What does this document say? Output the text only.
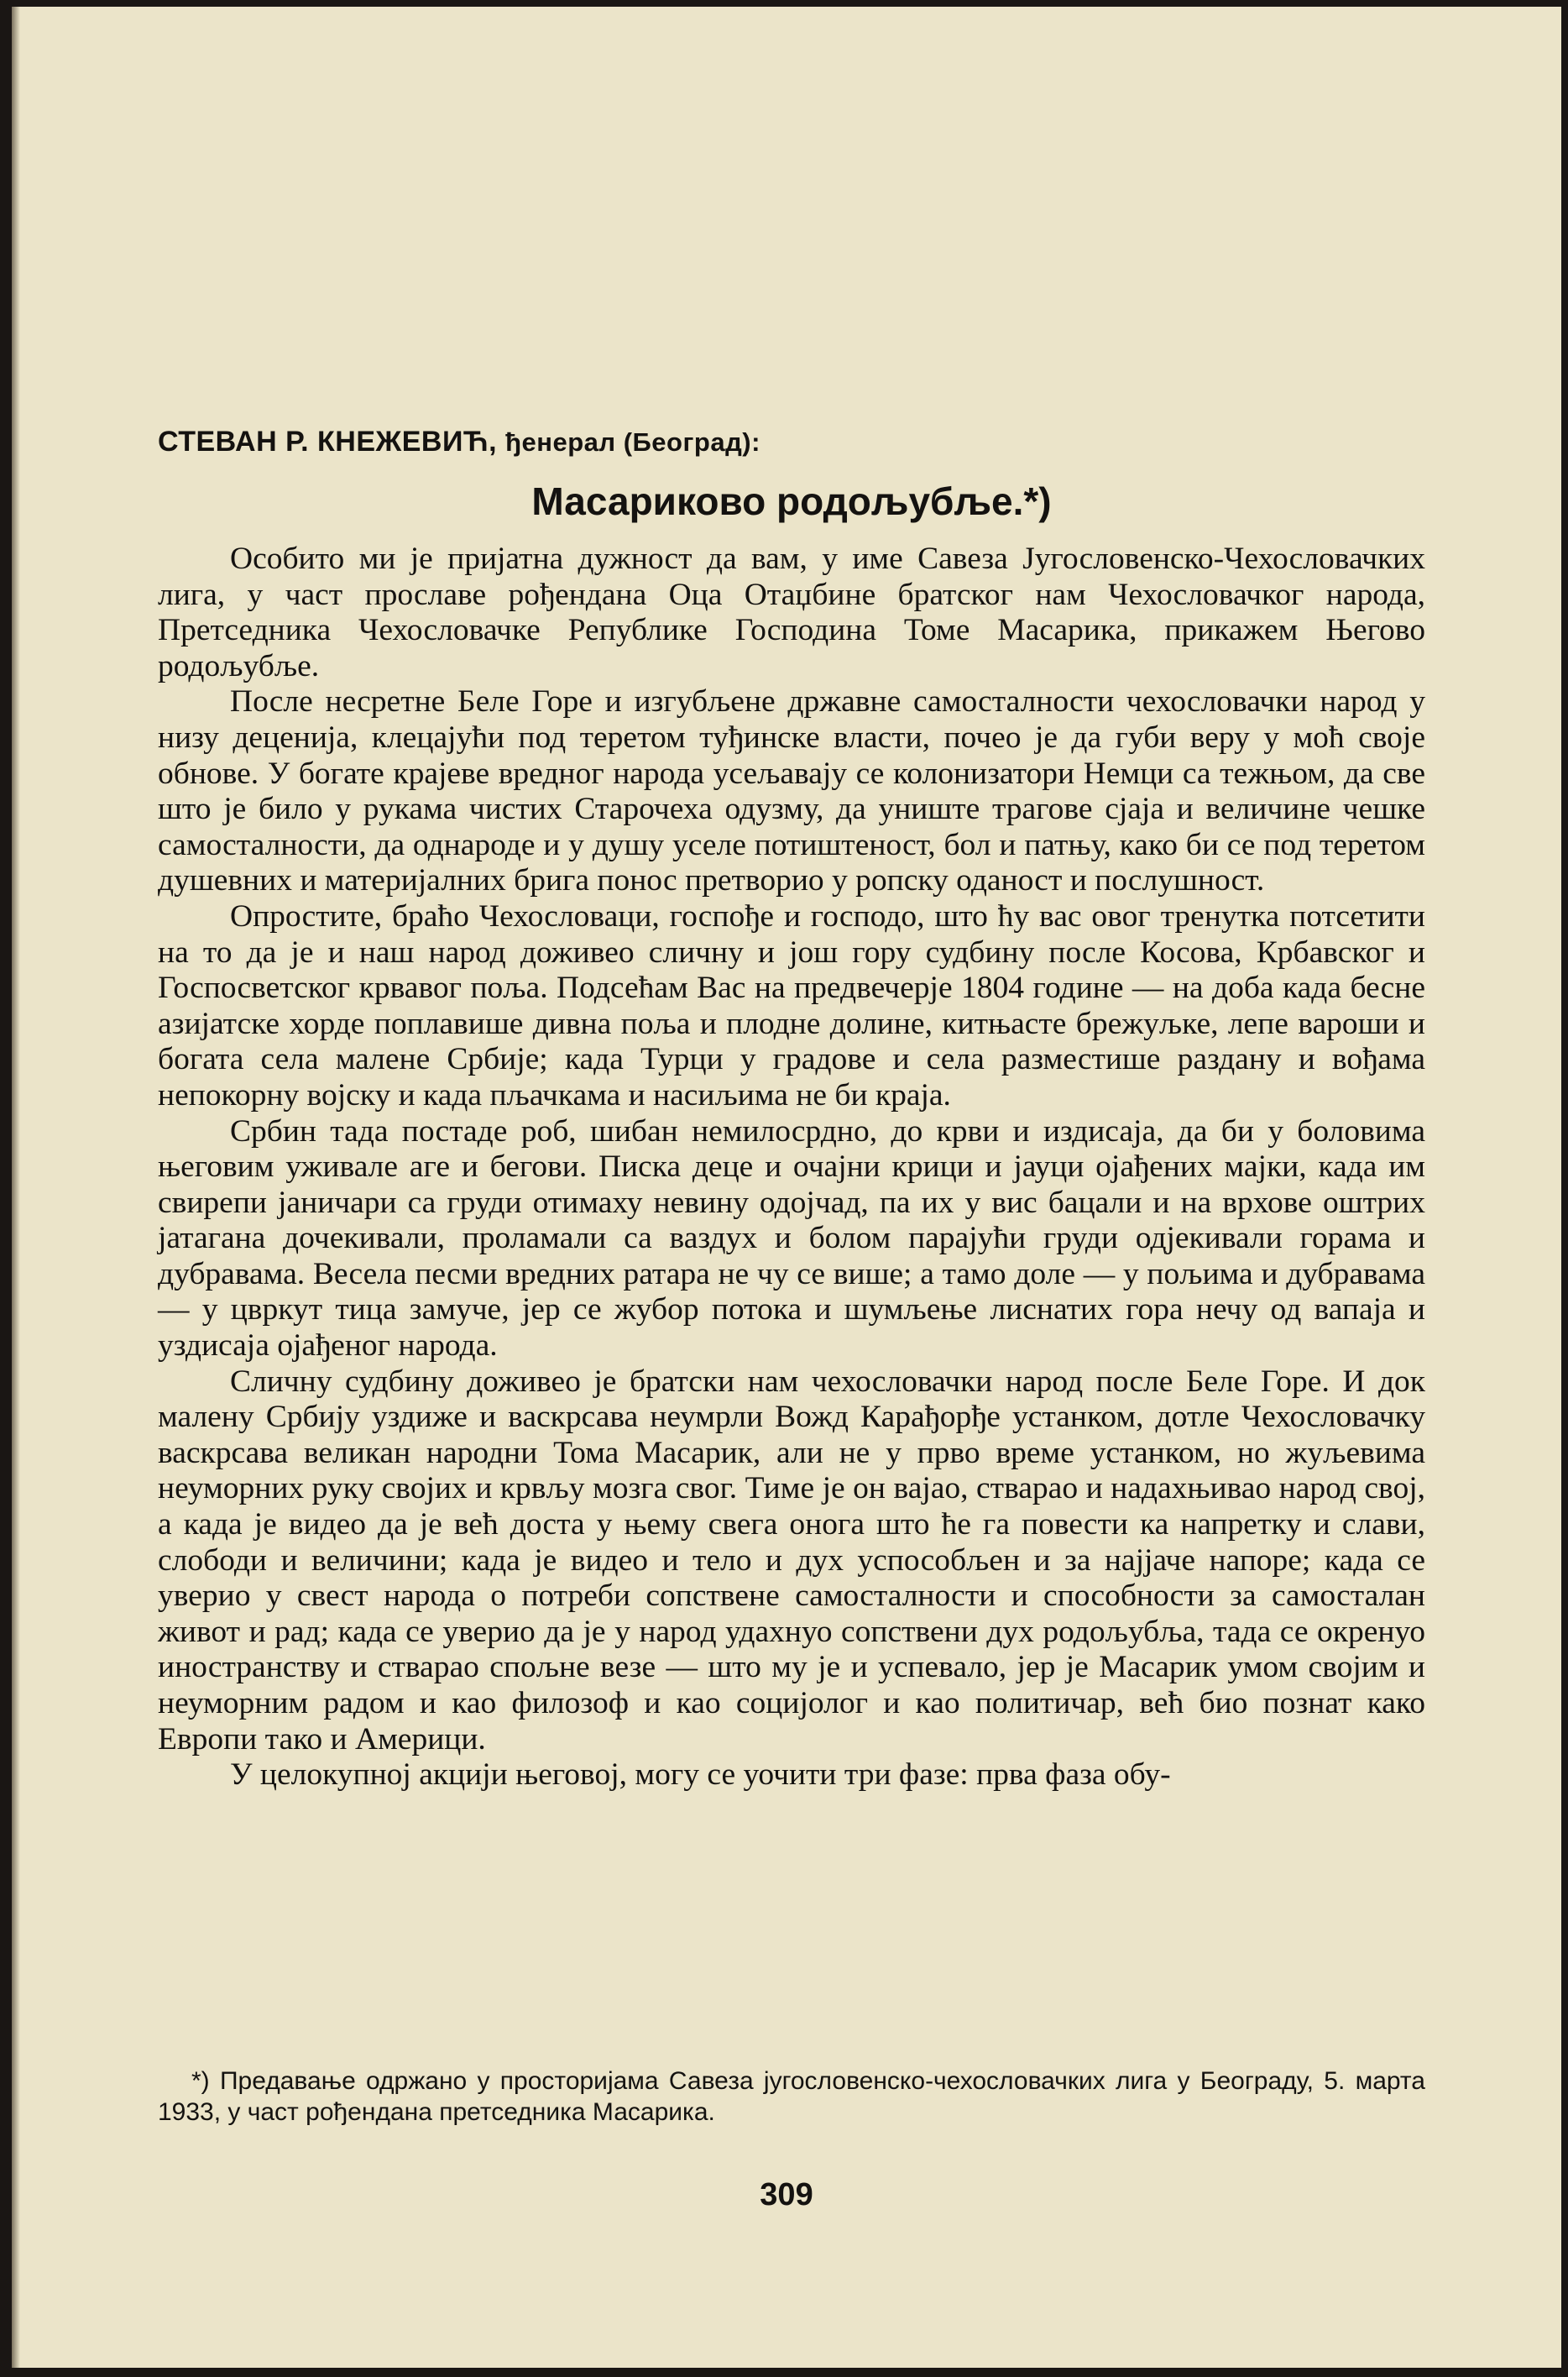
СТЕВАН Р. КНЕЖЕВИЋ, ђенерал (Београд):

Масариково родољубље.*)

Особито ми је пријатна дужност да вам, у име Савеза Југословенско-Чехословачких лига, у част прославе рођендана Оца Отаџбине братског нам Чехословачког народа, Претседника Чехословачке Републике Господина Томе Масарика, прикажем Његово родољубље.

После несретне Беле Горе и изгубљене државне самосталности чехословачки народ у низу деценија, клецајући под теретом туђинске власти, почео је да губи веру у моћ своје обнове. У богате крајеве вредног народа усељавају се колонизатори Немци са тежњом, да све што је било у рукама чистих Старочеха одузму, да униште трагове сјаја и величине чешке самосталности, да однароде и у душу уселе потиштеност, бол и патњу, како би се под теретом душевних и материјалних брига понос претворио у ропску оданост и послушност.

Опростите, браћо Чехословаци, госпође и господо, што ћу вас овог тренутка потсетити на то да је и наш народ доживео сличну и још гору судбину после Косова, Крбавског и Госпосветског крвавог поља. Подсећам Вас на предвечерје 1804 године — на доба када бесне азијатске хорде поплавише дивна поља и плодне долине, китњасте брежуљке, лепе вароши и богата села малене Србије; када Турци у градове и села разместише раздану и вођама непокорну војску и када пљачкама и насиљима не би краја.

Србин тада постаде роб, шибан немилосрдно, до крви и издисаја, да би у боловима његовим уживале аге и бегови. Писка деце и очајни крици и јауци ојађених мајки, када им свирепи јаничари са груди отимаху невину одојчад, па их у вис бацали и на врхове оштрих јатагана дочекивали, проламали са ваздух и болом парајући груди одјекивали горама и дубравама. Весела песми вредних ратара не чу се више; а тамо доле — у пољима и дубравама — у цвркут тица замуче, јер се жубор потока и шумљење лиснатих гора нечу од вапаја и уздисаја ојађеног народа.

Сличну судбину доживео је братски нам чехословачки народ после Беле Горе. И док малену Србију уздиже и васкрсава неумрли Вожд Карађорђе устанком, дотле Чехословачку васкрсава великан народни Тома Масарик, али не у прво време устанком, но жуљевима неуморних руку својих и крвљу мозга свог. Тиме је он вајао, стварао и надахњивао народ свој, а када је видео да је већ доста у њему свега онога што ће га повести ка напретку и слави, слободи и величини; када је видео и тело и дух успособљен и за најјаче напоре; када се уверио у свест народа о потреби сопствене самосталности и способности за самосталан живот и рад; када се уверио да је у народ удахнуо сопствени дух родољубља, тада се окренуо иностранству и стварао спољне везе — што му је и успевало, јер је Масарик умом својим и неуморним радом и као филозоф и као социјолог и као политичар, већ био познат како Европи тако и Америци.

У целокупној акцији његовој, могу се уочити три фазе: прва фаза обу-

*) Предавање одржано у просторијама Савеза југословенско-чехословачких лига у Београду, 5. марта 1933, у част рођендана претседника Масарика.

309
